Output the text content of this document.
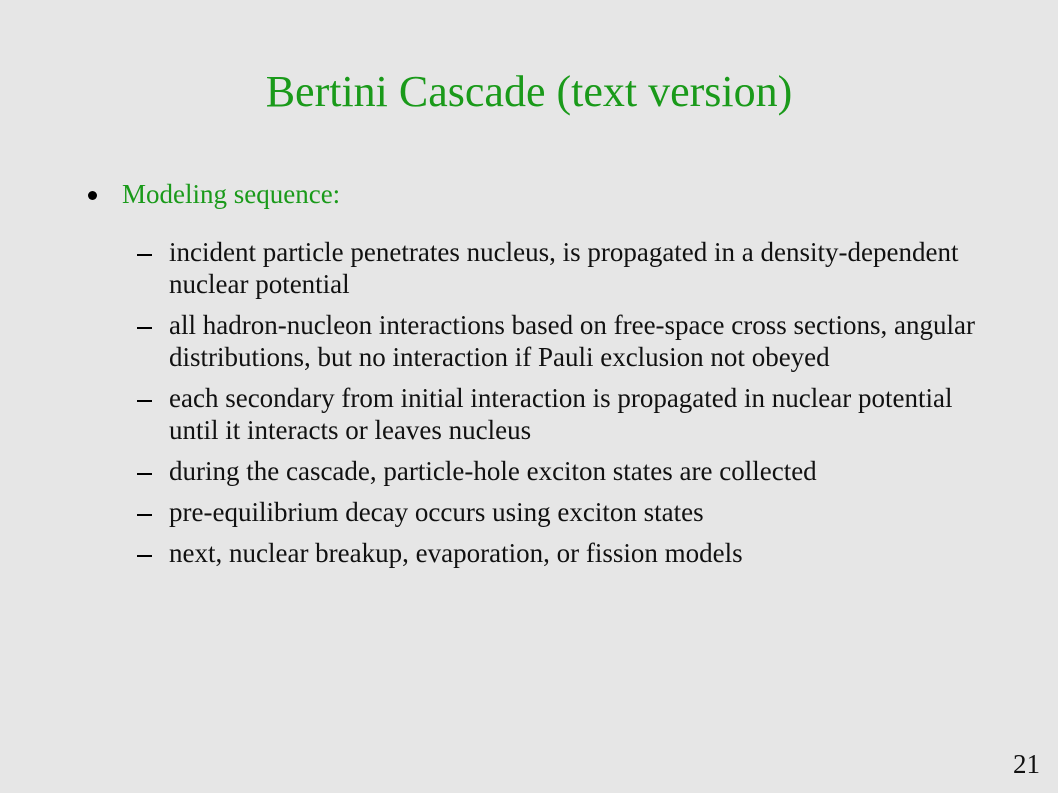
Bertini Cascade (text version)
Modeling sequence:
incident particle penetrates nucleus, is propagated in a density-dependent nuclear potential
all hadron-nucleon interactions based on free-space cross sections, angular distributions, but no interaction if Pauli exclusion not obeyed
each secondary from initial interaction is propagated in nuclear potential until it interacts or leaves nucleus
during the cascade, particle-hole exciton states are collected
pre-equilibrium decay occurs using exciton states
next, nuclear breakup, evaporation, or fission models
21
